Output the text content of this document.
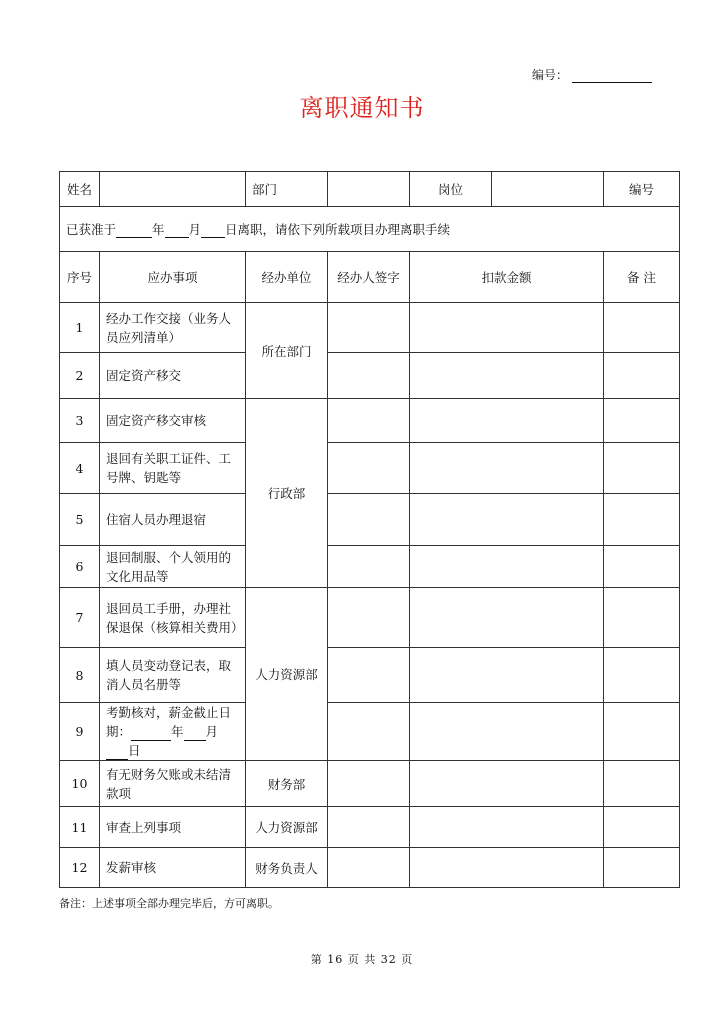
编号：
离职通知书
姓名		部门		岗位		编号	
已获准于 年 月 日离职，请依下列所载项目办理离职手续							
序号	应办事项	经办单位	经办人签字	扣款金额		备 注	
1	经办工作交接（业务人员应列清单）	所在部门					
2	固定资产移交						
3	固定资产移交审核	行政部					
4	退回有关职工证件、工号牌、钥匙等						
5	住宿人员办理退宿						
6	退回制服、个人领用的文化用品等						
7	退回员工手册，办理社保退保（核算相关费用）	人力资源部					
8	填人员变动登记表，取消人员名册等						
9	考勤核对，薪金截止日期： 年 月日						
10	有无财务欠账或未结清款项	财务部					
11	审查上列事项	人力资源部					
12	发薪审核	财务负责人					
备注：上述事项全部办理完毕后，方可离职。
第 16 页 共 32 页
